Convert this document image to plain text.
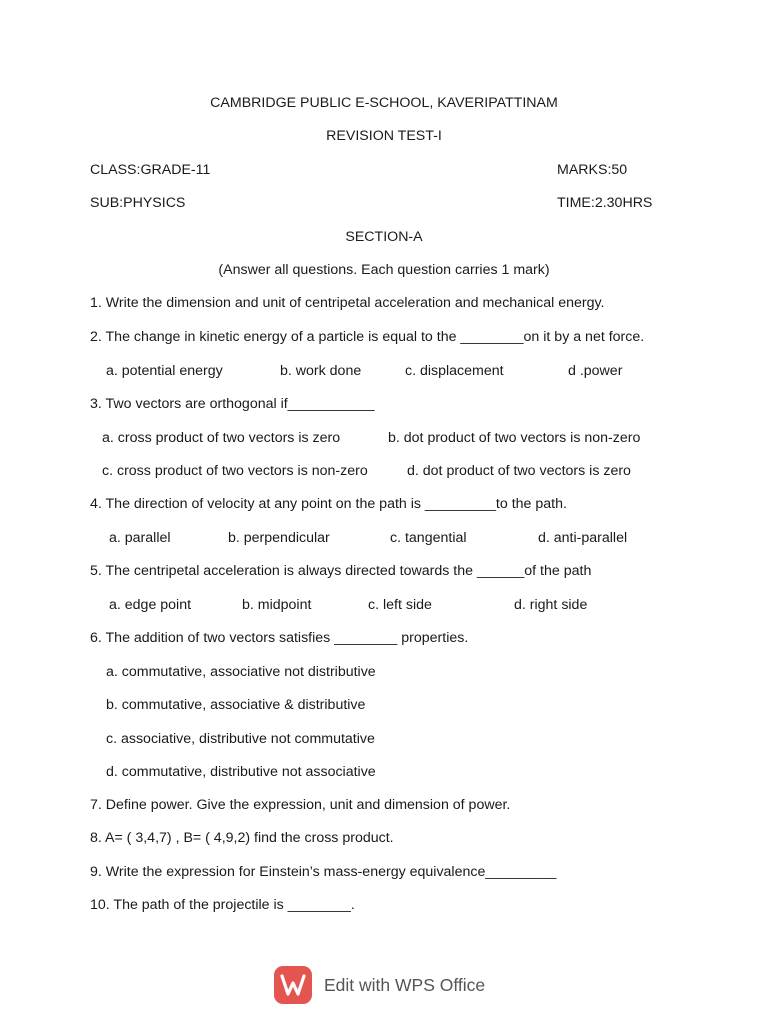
CAMBRIDGE PUBLIC E-SCHOOL, KAVERIPATTINAM
REVISION TEST-I
CLASS:GRADE-11	MARKS:50
SUB:PHYSICS	TIME:2.30HRS
SECTION-A
(Answer all questions. Each question carries 1 mark)
1. Write the dimension and unit of centripetal acceleration and mechanical energy.
2. The change in kinetic energy of a particle is equal to the ________on it by a net force.
a. potential energy	b. work done	c. displacement	d .power
3. Two vectors are orthogonal if___________
a. cross product of two vectors is zero	b. dot product of two vectors is non-zero
c. cross product of two vectors is non-zero	d. dot product of two vectors is zero
4. The direction of velocity at any point on the path is _________to the path.
a. parallel	b. perpendicular	c. tangential	d. anti-parallel
5. The centripetal acceleration is always directed towards the ______of the path
a. edge point	b. midpoint	c. left side	d. right side
6. The addition of two vectors satisfies ________ properties.
a. commutative, associative not distributive
b. commutative, associative & distributive
c. associative, distributive not commutative
d. commutative, distributive not associative
7. Define power. Give the expression, unit and dimension of power.
8. A= ( 3,4,7) , B= ( 4,9,2) find the cross product.
9. Write the expression for Einstein’s mass-energy equivalence_________
10. The path of the projectile is ________.
Edit with WPS Office
